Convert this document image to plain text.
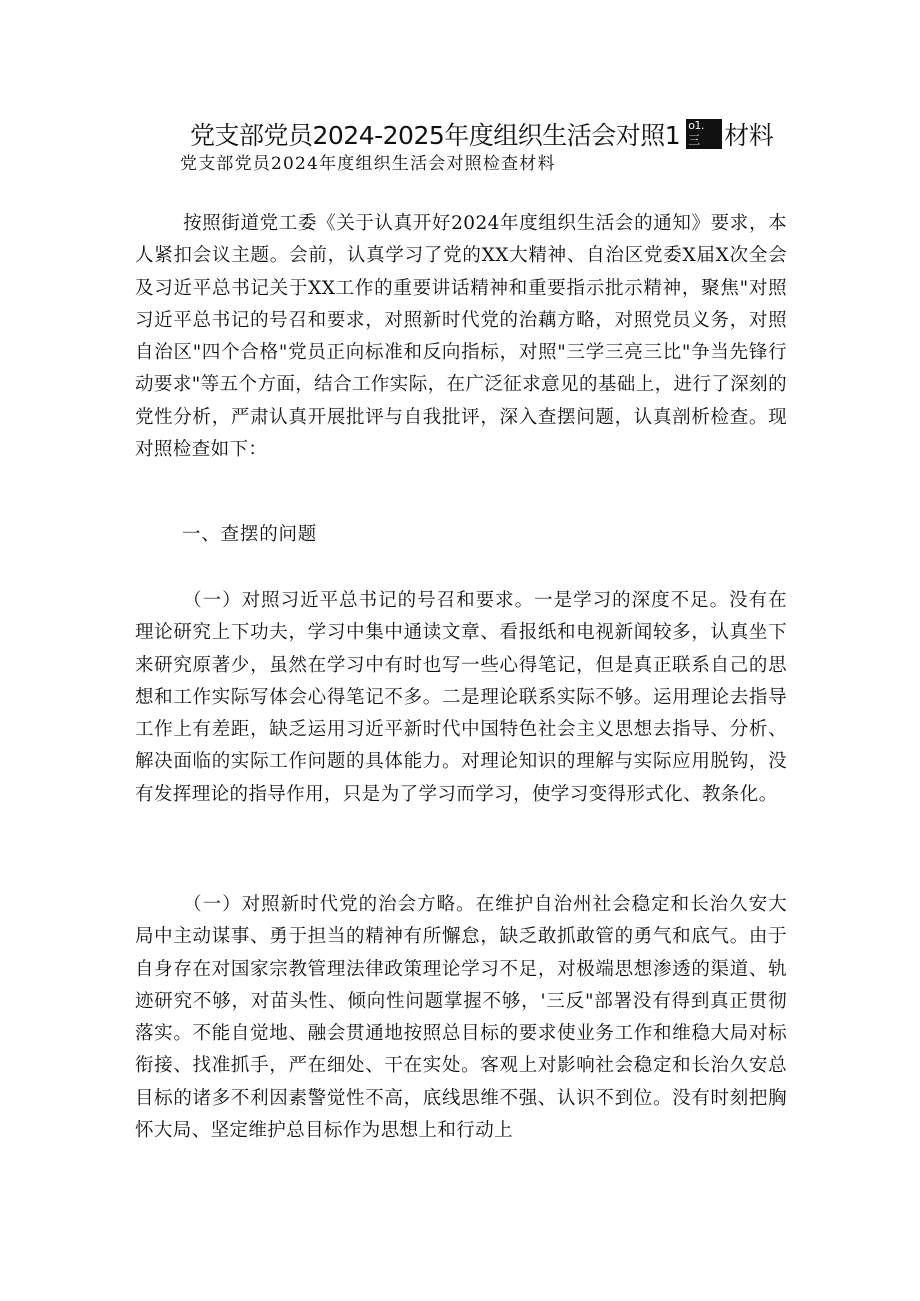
党支部党员2024-2025年度组织生活会对照1 o1.
三 材料
党支部党员2024年度组织生活会对照检查材料
按照街道党工委《关于认真开好2024年度组织生活会的通知》要求，本人紧扣会议主题。会前，认真学习了党的XX大精神、自治区党委X届X次全会及习近平总书记关于XX工作的重要讲话精神和重要指示批示精神，聚焦"对照习近平总书记的号召和要求，对照新时代党的治藕方略，对照党员义务，对照自治区"四个合格"党员正向标准和反向指标，对照"三学三亮三比"争当先锋行动要求"等五个方面，结合工作实际，在广泛征求意见的基础上，进行了深刻的党性分析，严肃认真开展批评与自我批评，深入查摆问题，认真剖析检查。现对照检查如下：
一、查摆的问题
（一）对照习近平总书记的号召和要求。一是学习的深度不足。没有在理论研究上下功夫，学习中集中通读文章、看报纸和电视新闻较多，认真坐下来研究原著少，虽然在学习中有时也写一些心得笔记，但是真正联系自己的思想和工作实际写体会心得笔记不多。二是理论联系实际不够。运用理论去指导工作上有差距，缺乏运用习近平新时代中国特色社会主义思想去指导、分析、解决面临的实际工作问题的具体能力。对理论知识的理解与实际应用脱钩，没有发挥理论的指导作用，只是为了学习而学习，使学习变得形式化、教条化。
（一）对照新时代党的治会方略。在维护自治州社会稳定和长治久安大局中主动谋事、勇于担当的精神有所懈怠，缺乏敢抓敢管的勇气和底气。由于自身存在对国家宗教管理法律政策理论学习不足，对极端思想渗透的渠道、轨迹研究不够，对苗头性、倾向性问题掌握不够，'三反"部署没有得到真正贯彻落实。不能自觉地、融会贯通地按照总目标的要求使业务工作和维稳大局对标衔接、找准抓手，严在细处、干在实处。客观上对影响社会稳定和长治久安总目标的诸多不利因素警觉性不高，底线思维不强、认识不到位。没有时刻把胸怀大局、坚定维护总目标作为思想上和行动上
